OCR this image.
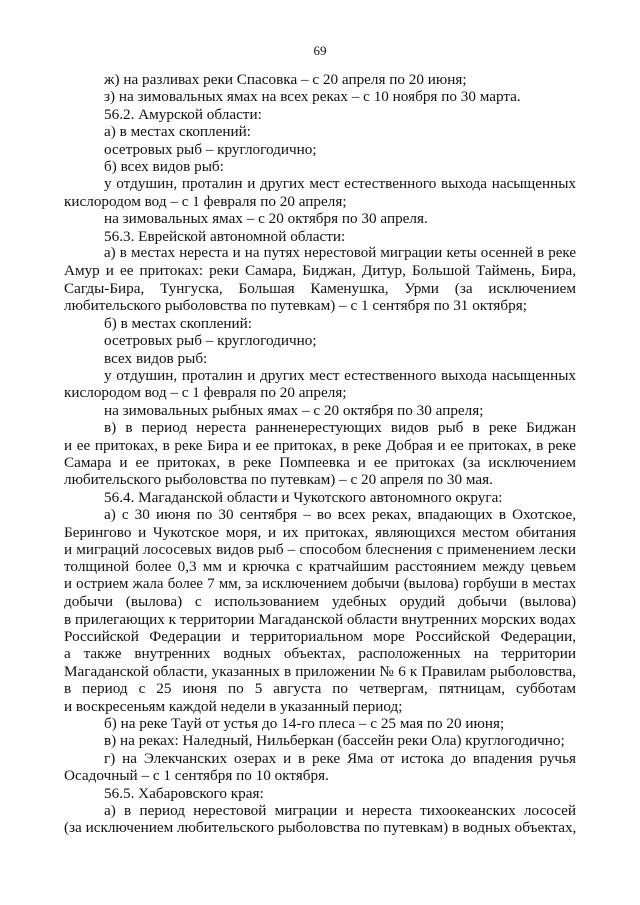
69
ж) на разливах реки Спасовка – с 20 апреля по 20 июня;
з) на зимовальных ямах на всех реках – с 10 ноября по 30 марта.
56.2. Амурской области:
а) в местах скоплений:
осетровых рыб – круглогодично;
б) всех видов рыб:
у отдушин, проталин и других мест естественного выхода насыщенных
кислородом вод – с 1 февраля по 20 апреля;
на зимовальных ямах – с 20 октября по 30 апреля.
56.3. Еврейской автономной области:
а) в местах нереста и на путях нерестовой миграции кеты осенней в реке
Амур и ее притоках: реки Самара, Биджан, Дитур, Большой Таймень, Бира,
Сагды-Бира, Тунгуска, Большая Каменушка, Урми (за исключением
любительского рыболовства по путевкам) – с 1 сентября по 31 октября;
б) в местах скоплений:
осетровых рыб – круглогодично;
всех видов рыб:
у отдушин, проталин и других мест естественного выхода насыщенных
кислородом вод – с 1 февраля по 20 апреля;
на зимовальных рыбных ямах – с 20 октября по 30 апреля;
в) в период нереста ранненерестующих видов рыб в реке Биджан
и ее притоках, в реке Бира и ее притоках, в реке Добрая и ее притоках, в реке
Самара и ее притоках, в реке Помпеевка и ее притоках (за исключением
любительского рыболовства по путевкам) – с 20 апреля по 30 мая.
56.4. Магаданской области и Чукотского автономного округа:
а) с 30 июня по 30 сентября – во всех реках, впадающих в Охотское,
Берингово и Чукотское моря, и их притоках, являющихся местом обитания
и миграций лососевых видов рыб – способом блеснения с применением лески
толщиной более 0,3 мм и крючка с кратчайшим расстоянием между цевьем
и острием жала более 7 мм, за исключением добычи (вылова) горбуши в местах
добычи (вылова) с использованием удебных орудий добычи (вылова)
в прилегающих к территории Магаданской области внутренних морских водах
Российской Федерации и территориальном море Российской Федерации,
а также внутренних водных объектах, расположенных на территории
Магаданской области, указанных в приложении № 6 к Правилам рыболовства,
в период с 25 июня по 5 августа по четвергам, пятницам, субботам
и воскресеньям каждой недели в указанный период;
б) на реке Тауй от устья до 14-го плеса – с 25 мая по 20 июня;
в) на реках: Наледный, Нильберкан (бассейн реки Ола) круглогодично;
г) на Элекчанских озерах и в реке Яма от истока до впадения ручья
Осадочный – с 1 сентября по 10 октября.
56.5. Хабаровского края:
а) в период нерестовой миграции и нереста тихоокеанских лососей
(за исключением любительского рыболовства по путевкам) в водных объектах,
